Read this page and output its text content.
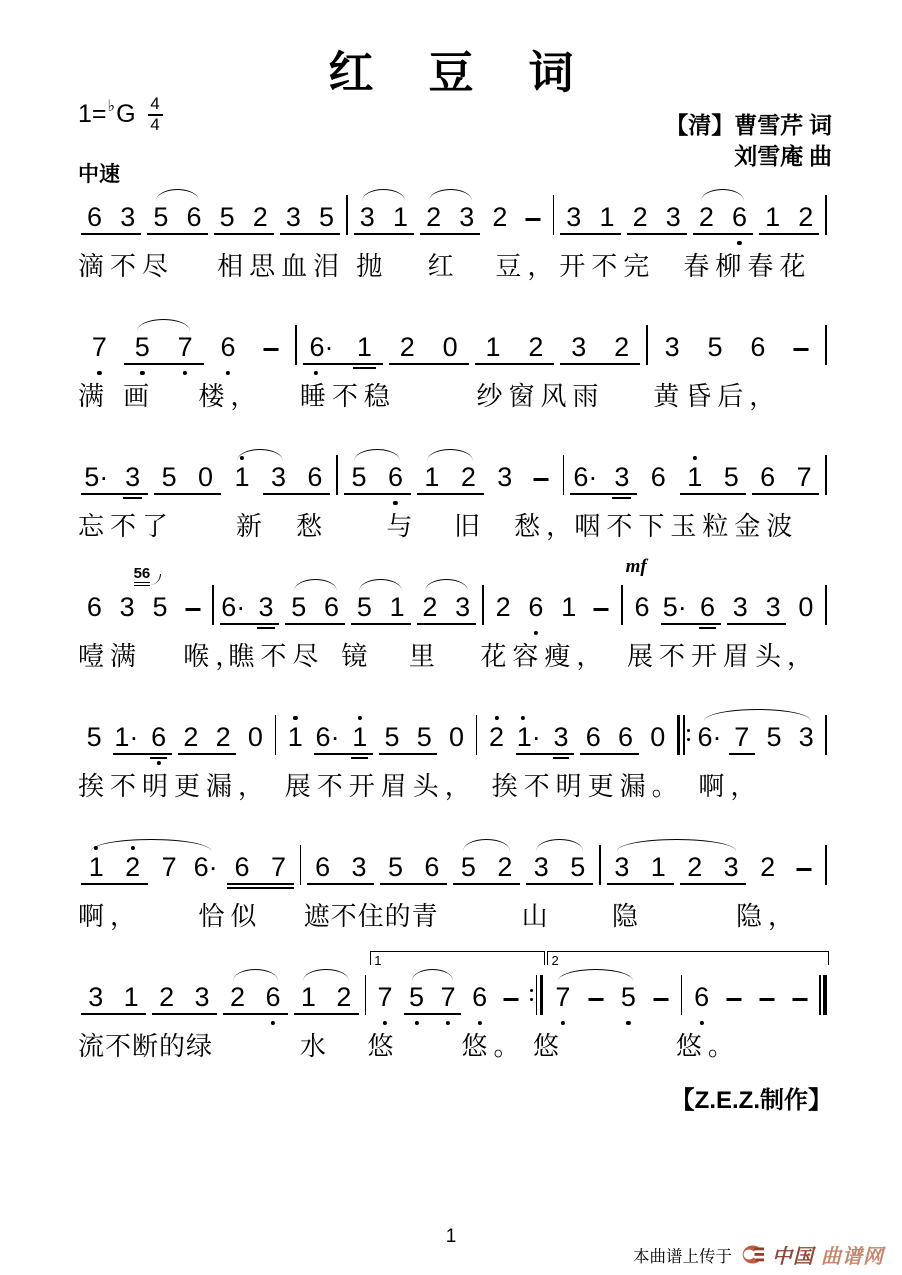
红豆词
1= ♭ G $\frac{4}{4}$	【清】曹雪芹 词
刘雪庵 曲
中速
6 3 5 6 5 2 3 5 3 1 2 3 2	3 1 2 3 2 6 1 2
滴不尽 相思血泪 抛 红 豆， 开不完 春柳春花
7	5	7	6	6· 1	2	0	1	2	3	2	3	5	6
满 画 楼， 睡不稳	纱窗风雨 黄昏后，
5· 3 5 0 1 3 6	5 6 1 2 3	6· 3 6 1 5 6 7
忘不了 新 愁 与 旧 愁，
咽不下玉粒金波
6 3 5
56
6· 3 5 6 5 1 2 3 2 6 1	6
mf
5· 6 3 3 0
噎满 喉，
瞧不尽 镜 里 花容瘦， 展不开眉头，
5 1· 6 2 2 0 1 6· 1 5 5 0 2 1· 3 6 6 0	6· 7 5 3
挨不明更漏， 展不开眉头， 挨不明更漏。 啊，
1 2 7 6· 6 7	6 3 5 6 5 2 3 5	3 1 2 3 2
啊， 恰似 遮不住的青	山 隐	隐，
3 1 2 3 2 6 1 2
1
7 5 7 6
2
7	5	6
流不断的绿	水 悠 悠。 悠	悠。
【Z.E.Z.制作】
1
本曲谱上传于 中国 曲谱网
